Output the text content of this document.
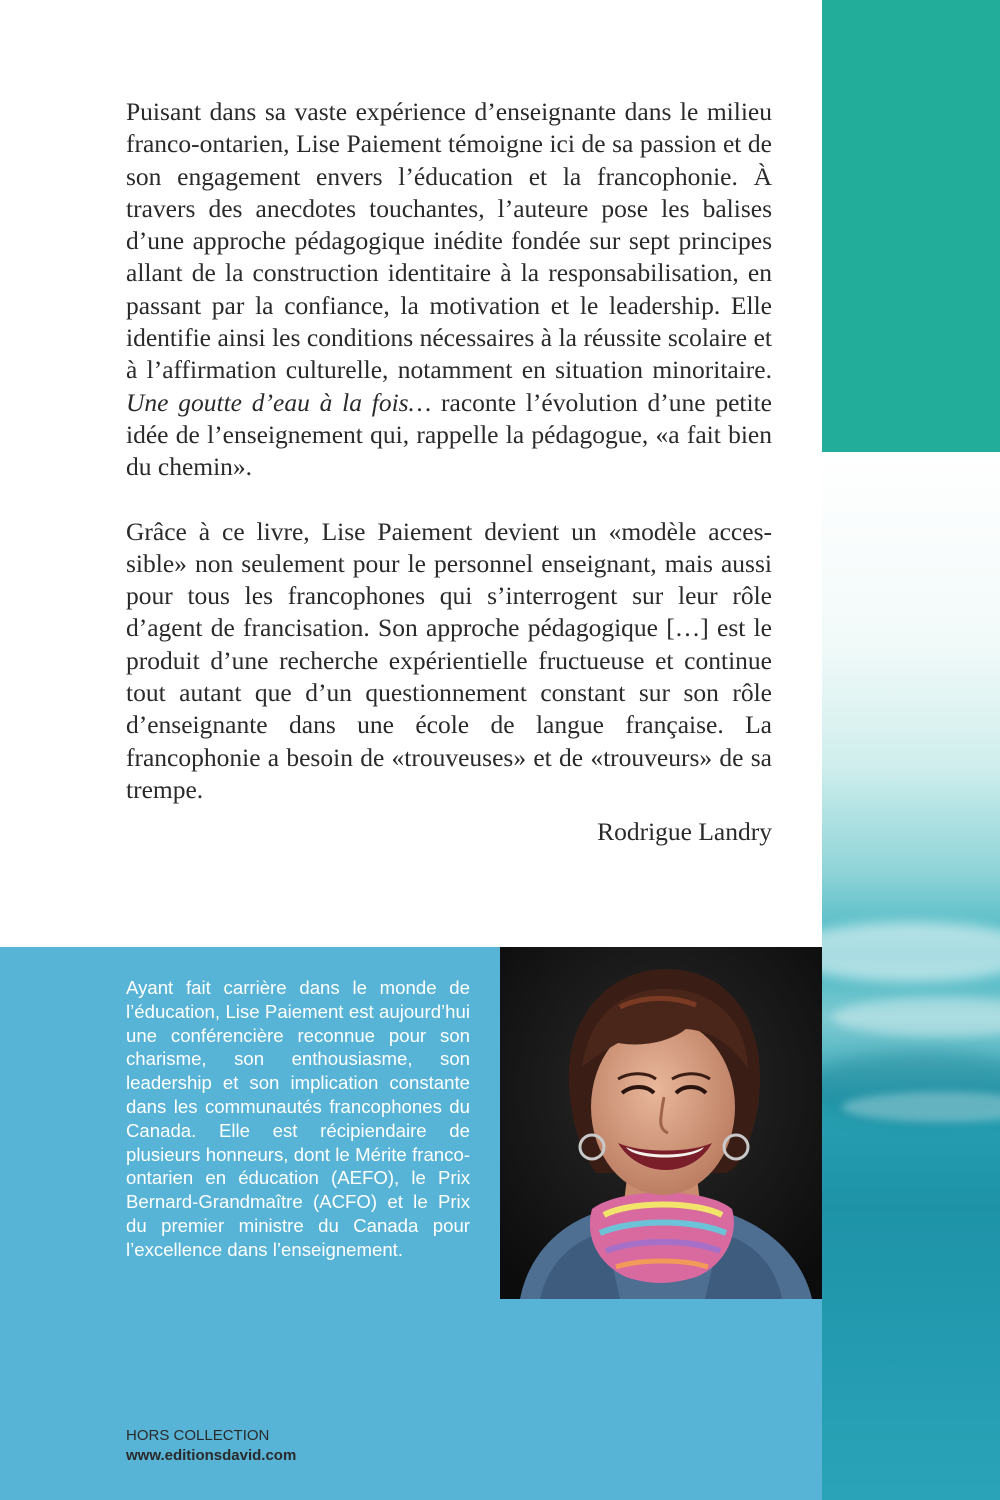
Puisant dans sa vaste expérience d’enseignante dans le milieu franco-ontarien, Lise Paiement témoigne ici de sa passion et de son engagement envers l’éducation et la francophonie. À travers des anecdotes touchantes, l’auteure pose les balises d’une approche pédagogique inédite fondée sur sept principes allant de la construction identitaire à la responsabilisation, en passant par la confiance, la motivation et le leadership. Elle identifie ainsi les conditions nécessaires à la réussite scolaire et à l’affirmation culturelle, notamment en situation minoritaire. Une goutte d’eau à la fois… raconte l’évolution d’une petite idée de l’enseignement qui, rappelle la pédagogue, «a fait bien du chemin».

Grâce à ce livre, Lise Paiement devient un «modèle accessible» non seulement pour le personnel enseignant, mais aussi pour tous les francophones qui s’interrogent sur leur rôle d’agent de francisation. Son approche pédagogique […] est le produit d’une recherche expérientielle fructueuse et continue tout autant que d’un questionnement constant sur son rôle d’enseignante dans une école de langue française. La francophonie a besoin de «trouveuses» et de «trouveurs» de sa trempe.

Rodrigue Landry

Ayant fait carrière dans le monde de l’éducation, Lise Paiement est aujourd’hui une conférencière reconnue pour son charisme, son enthousiasme, son leadership et son implication constante dans les communautés francophones du Canada. Elle est récipiendaire de plusieurs honneurs, dont le Mérite francoontarien en éducation (AEFO), le Prix Bernard-Grandmaître (ACFO) et le Prix du premier ministre du Canada pour l’excellence dans l’enseignement.

HORS COLLECTION
www.editionsdavid.com
